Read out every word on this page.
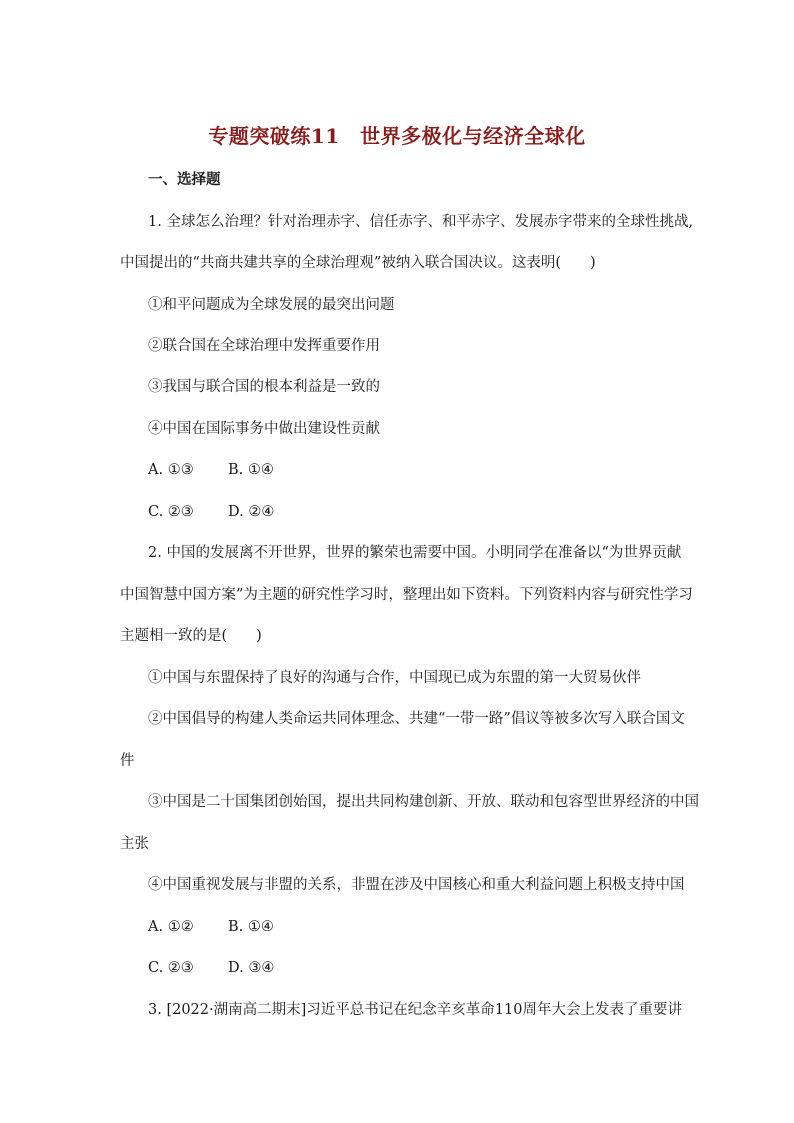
专题突破练11　世界多极化与经济全球化
一、选择题
1. 全球怎么治理？针对治理赤字、信任赤字、和平赤字、发展赤字带来的全球性挑战,
中国提出的“共商共建共享的全球治理观”被纳入联合国决议。这表明(　　)
①和平问题成为全球发展的最突出问题
②联合国在全球治理中发挥重要作用
③我国与联合国的根本利益是一致的
④中国在国际事务中做出建设性贡献
A. ①③ B. ①④
C. ②③ D. ②④
2. 中国的发展离不开世界，世界的繁荣也需要中国。小明同学在准备以“为世界贡献
中国智慧中国方案”为主题的研究性学习时，整理出如下资料。下列资料内容与研究性学习
主题相一致的是(　　)
①中国与东盟保持了良好的沟通与合作，中国现已成为东盟的第一大贸易伙伴
②中国倡导的构建人类命运共同体理念、共建“一带一路”倡议等被多次写入联合国文
件
③中国是二十国集团创始国，提出共同构建创新、开放、联动和包容型世界经济的中国
主张
④中国重视发展与非盟的关系，非盟在涉及中国核心和重大利益问题上积极支持中国
A. ①② B. ①④
C. ②③ D. ③④
3. [2022·湖南高二期末]习近平总书记在纪念辛亥革命110周年大会上发表了重要讲
